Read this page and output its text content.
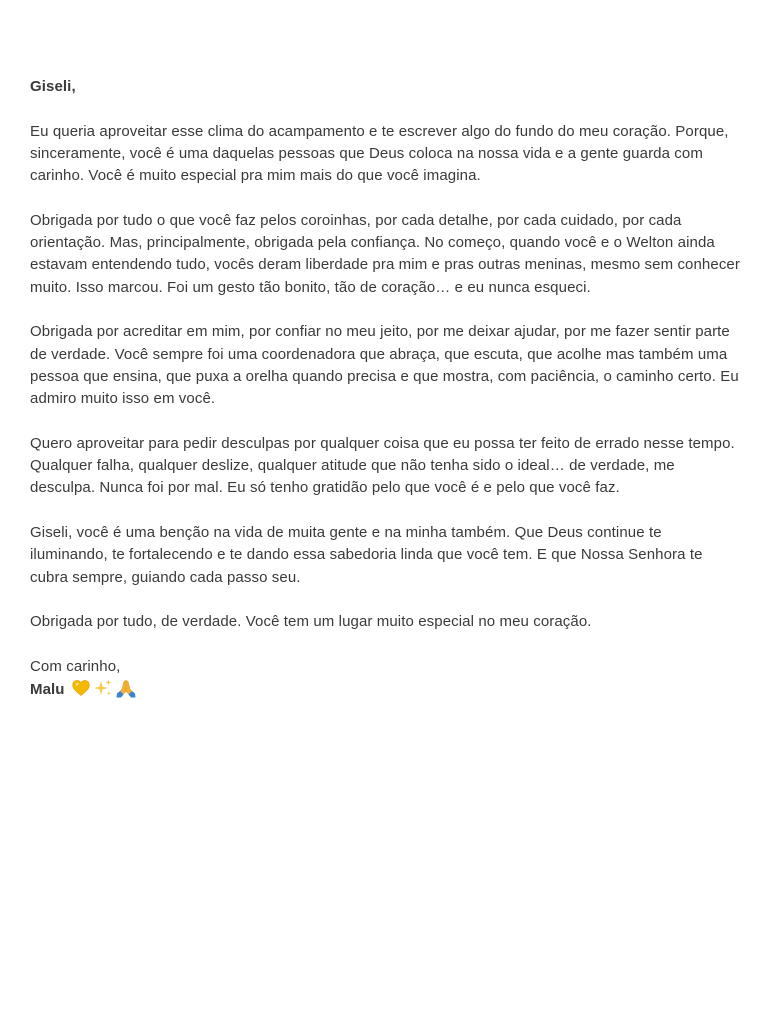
Giseli,

Eu queria aproveitar esse clima do acampamento e te escrever algo do fundo do meu coração. Porque, sinceramente, você é uma daquelas pessoas que Deus coloca na nossa vida e a gente guarda com carinho. Você é muito especial pra mim mais do que você imagina.

Obrigada por tudo o que você faz pelos coroinhas, por cada detalhe, por cada cuidado, por cada orientação. Mas, principalmente, obrigada pela confiança. No começo, quando você e o Welton ainda estavam entendendo tudo, vocês deram liberdade pra mim e pras outras meninas, mesmo sem conhecer muito. Isso marcou. Foi um gesto tão bonito, tão de coração… e eu nunca esqueci.

Obrigada por acreditar em mim, por confiar no meu jeito, por me deixar ajudar, por me fazer sentir parte de verdade. Você sempre foi uma coordenadora que abraça, que escuta, que acolhe mas também uma pessoa que ensina, que puxa a orelha quando precisa e que mostra, com paciência, o caminho certo. Eu admiro muito isso em você.

Quero aproveitar para pedir desculpas por qualquer coisa que eu possa ter feito de errado nesse tempo. Qualquer falha, qualquer deslize, qualquer atitude que não tenha sido o ideal… de verdade, me desculpa. Nunca foi por mal. Eu só tenho gratidão pelo que você é e pelo que você faz.

Giseli, você é uma benção na vida de muita gente e na minha também. Que Deus continue te iluminando, te fortalecendo e te dando essa sabedoria linda que você tem. E que Nossa Senhora te cubra sempre, guiando cada passo seu.

Obrigada por tudo, de verdade. Você tem um lugar muito especial no meu coração.

Com carinho,

Malu
